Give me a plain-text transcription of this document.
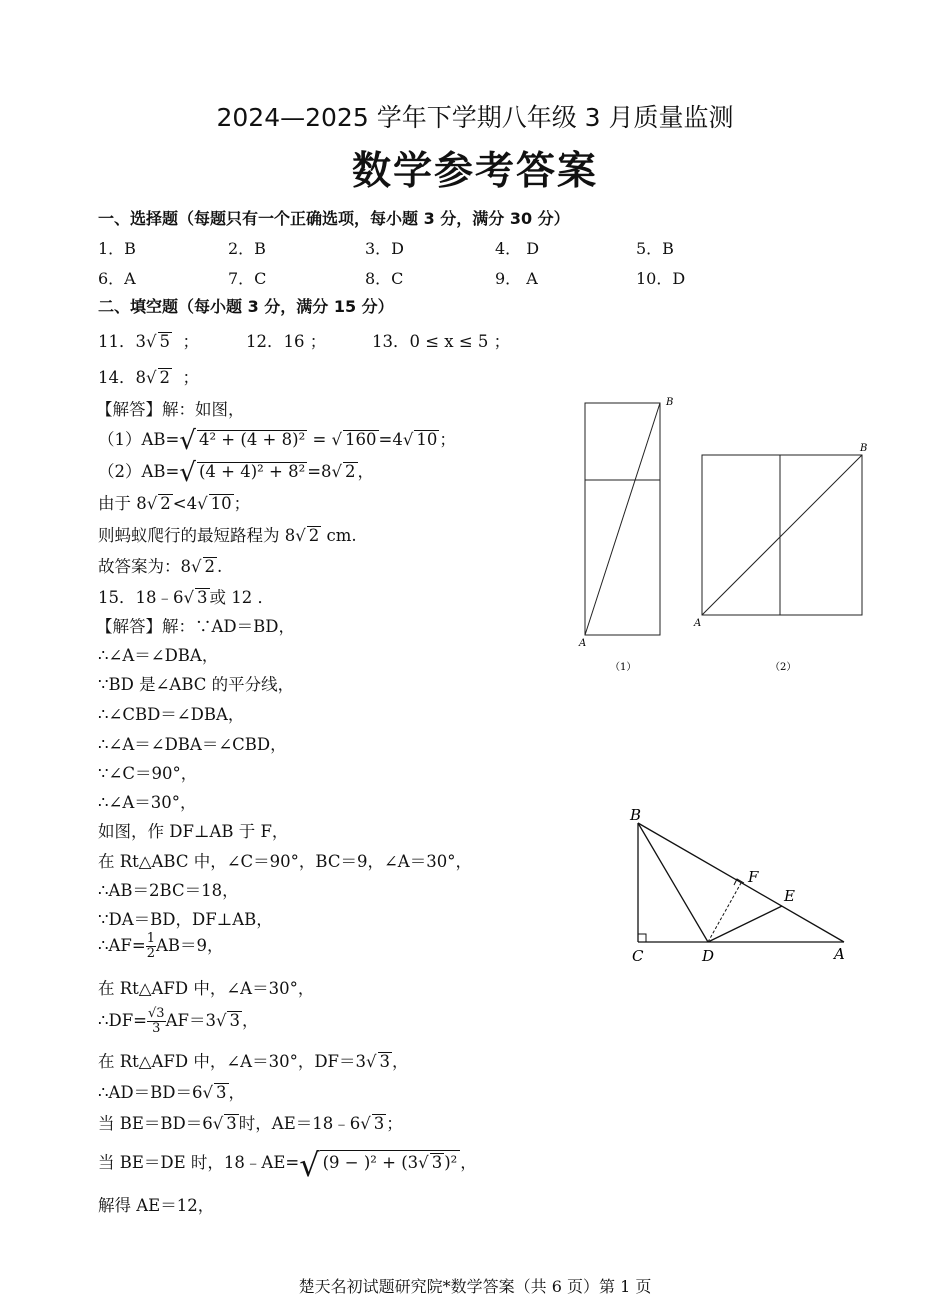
2024—2025 学年下学期八年级 3 月质量监测
数学参考答案
一、选择题（每题只有一个正确选项，每小题 3 分，满分 30 分）
1．B	2．B	3．D	4． D	5．B
6．A	7．C	8．C	9． A	10．D
二、填空题（每小题 3 分，满分 15 分）
11．3√ 5 ；	12．16 ；	13．0 ≤ x ≤ 5 ；
14．8√ 2 ；
【解答】解：如图，
（1）AB=√ 4² + (4 + 8)² = √ 160 =4√ 10 ；
（2）AB=√ (4 + 4)² + 8² =8√ 2 ，
由于 8√ 2 <4√ 10 ；
则蚂蚁爬行的最短路程为 8√ 2 cm.
故答案为：8√ 2 .
15．18﹣6√ 3 或 12 ．
【解答】解：∵AD＝BD，
∴∠A＝∠DBA，
∵BD 是∠ABC 的平分线，
∴∠CBD＝∠DBA，
∴∠A＝∠DBA＝∠CBD，
∵∠C＝90°，
∴∠A＝30°，
如图，作 DF⊥AB 于 F，
在 Rt△ABC 中，∠C＝90°，BC＝9，∠A＝30°，
∴AB＝2BC＝18，
∵DA＝BD，DF⊥AB，
∴AF= $\frac{1}{2} AB=9$，
在 Rt△AFD 中，∠A＝30°，
∴DF= $\frac{√3}{3} AF=3√$ 3 ，
在 Rt△AFD 中，∠A＝30°，DF＝3√ 3 ，
∴AD＝BD＝6√ 3 ，
当 BE＝BD＝6√ 3 时，AE＝18﹣6√ 3 ；
当 BE＝DE 时，18﹣AE=√ (9 − )² + (3√ 3 )² ，
解得 AE＝12，
B
A
（1）
B
A
（2）
B
C	D	A
F
E
楚天名初试题研究院*数学答案（共 6 页）第 1 页
